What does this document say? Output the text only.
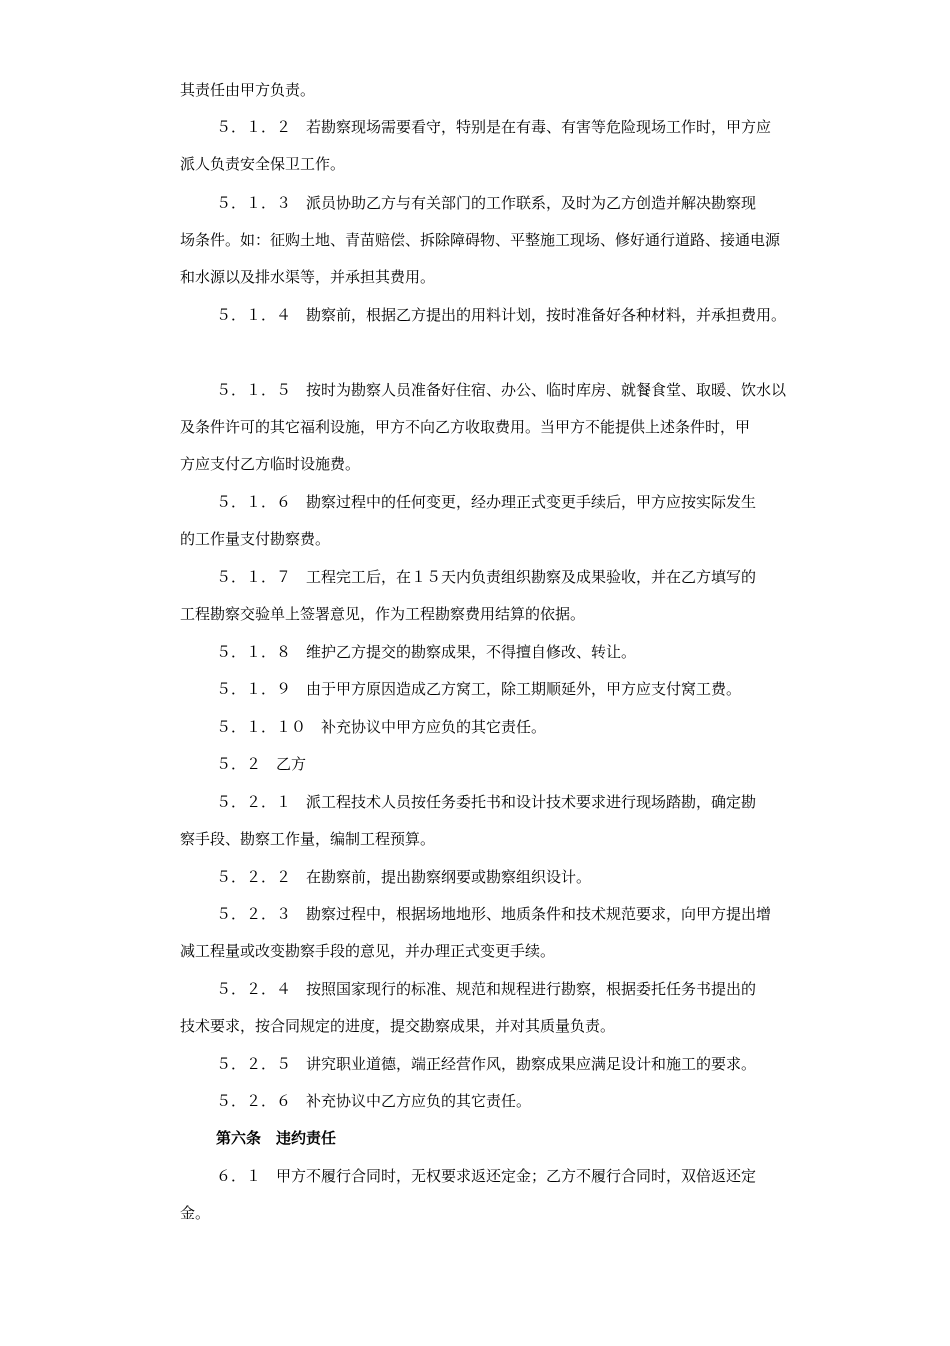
其责任由甲方负责。
５．１．２　若勘察现场需要看守，特别是在有毒、有害等危险现场工作时，甲方应
派人负责安全保卫工作。
５．１．３　派员协助乙方与有关部门的工作联系，及时为乙方创造并解决勘察现
场条件。如：征购土地、青苗赔偿、拆除障碍物、平整施工现场、修好通行道路、接通电源
和水源以及排水渠等，并承担其费用。
５．１．４　勘察前，根据乙方提出的用料计划，按时准备好各种材料，并承担费用。
５．１．５　按时为勘察人员准备好住宿、办公、临时库房、就餐食堂、取暖、饮水以
及条件许可的其它福利设施，甲方不向乙方收取费用。当甲方不能提供上述条件时，甲
方应支付乙方临时设施费。
５．１．６　勘察过程中的任何变更，经办理正式变更手续后，甲方应按实际发生
的工作量支付勘察费。
５．１．７　工程完工后，在１５天内负责组织勘察及成果验收，并在乙方填写的
工程勘察交验单上签署意见，作为工程勘察费用结算的依据。
５．１．８　维护乙方提交的勘察成果，不得擅自修改、转让。
５．１．９　由于甲方原因造成乙方窝工，除工期顺延外，甲方应支付窝工费。
５．１．１０　补充协议中甲方应负的其它责任。
５．２　乙方
５．２．１　派工程技术人员按任务委托书和设计技术要求进行现场踏勘，确定勘
察手段、勘察工作量，编制工程预算。
５．２．２　在勘察前，提出勘察纲要或勘察组织设计。
５．２．３　勘察过程中，根据场地地形、地质条件和技术规范要求，向甲方提出增
减工程量或改变勘察手段的意见，并办理正式变更手续。
５．２．４　按照国家现行的标准、规范和规程进行勘察，根据委托任务书提出的
技术要求，按合同规定的进度，提交勘察成果，并对其质量负责。
５．２．５　讲究职业道德，端正经营作风，勘察成果应满足设计和施工的要求。
５．２．６　补充协议中乙方应负的其它责任。
第六条　违约责任
６．１　甲方不履行合同时，无权要求返还定金；乙方不履行合同时，双倍返还定
金。
